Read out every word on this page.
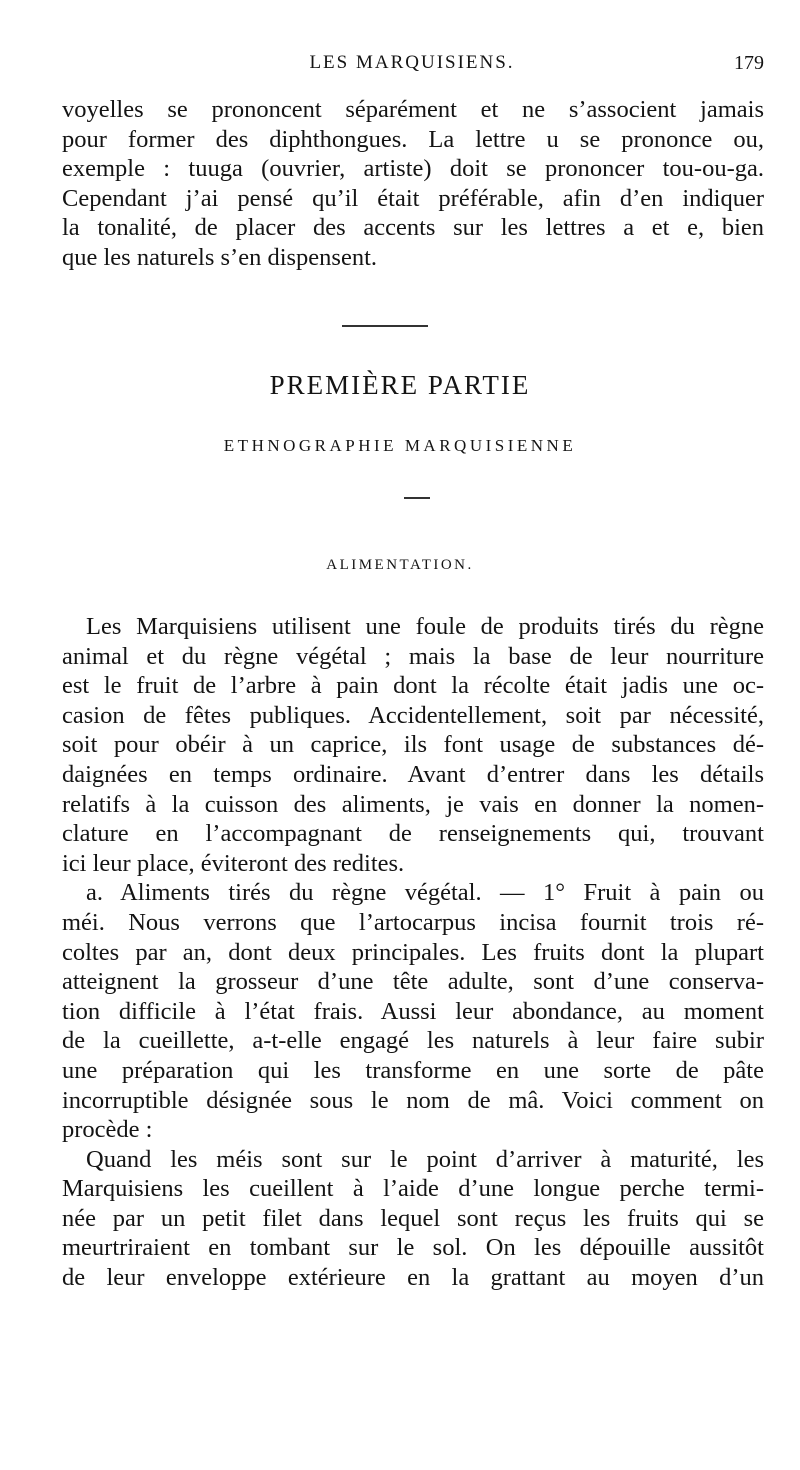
LES MARQUISIENS.	179
voyelles se prononcent séparément et ne s’associent jamais
pour former des diphthongues. La lettre u se prononce ou,
exemple : tuuga (ouvrier, artiste) doit se prononcer tou-ou-ga.
Cependant j’ai pensé qu’il était préférable, afin d’en indiquer
la tonalité, de placer des accents sur les lettres a et e, bien
que les naturels s’en dispensent.
PREMIÈRE PARTIE
ETHNOGRAPHIE MARQUISIENNE
ALIMENTATION.
Les Marquisiens utilisent une foule de produits tirés du règne
animal et du règne végétal ; mais la base de leur nourriture
est le fruit de l’arbre à pain dont la récolte était jadis une oc-
casion de fêtes publiques. Accidentellement, soit par nécessité,
soit pour obéir à un caprice, ils font usage de substances dé-
daignées en temps ordinaire. Avant d’entrer dans les détails
relatifs à la cuisson des aliments, je vais en donner la nomen-
clature en l’accompagnant de renseignements qui, trouvant
ici leur place, éviteront des redites.
a. Aliments tirés du règne végétal. — 1° Fruit à pain ou
méi. Nous verrons que l’artocarpus incisa fournit trois ré-
coltes par an, dont deux principales. Les fruits dont la plupart
atteignent la grosseur d’une tête adulte, sont d’une conserva-
tion difficile à l’état frais. Aussi leur abondance, au moment
de la cueillette, a-t-elle engagé les naturels à leur faire subir
une préparation qui les transforme en une sorte de pâte
incorruptible désignée sous le nom de mâ. Voici comment on
procède :
Quand les méis sont sur le point d’arriver à maturité, les
Marquisiens les cueillent à l’aide d’une longue perche termi-
née par un petit filet dans lequel sont reçus les fruits qui se
meurtriraient en tombant sur le sol. On les dépouille aussitôt
de leur enveloppe extérieure en la grattant au moyen d’un
